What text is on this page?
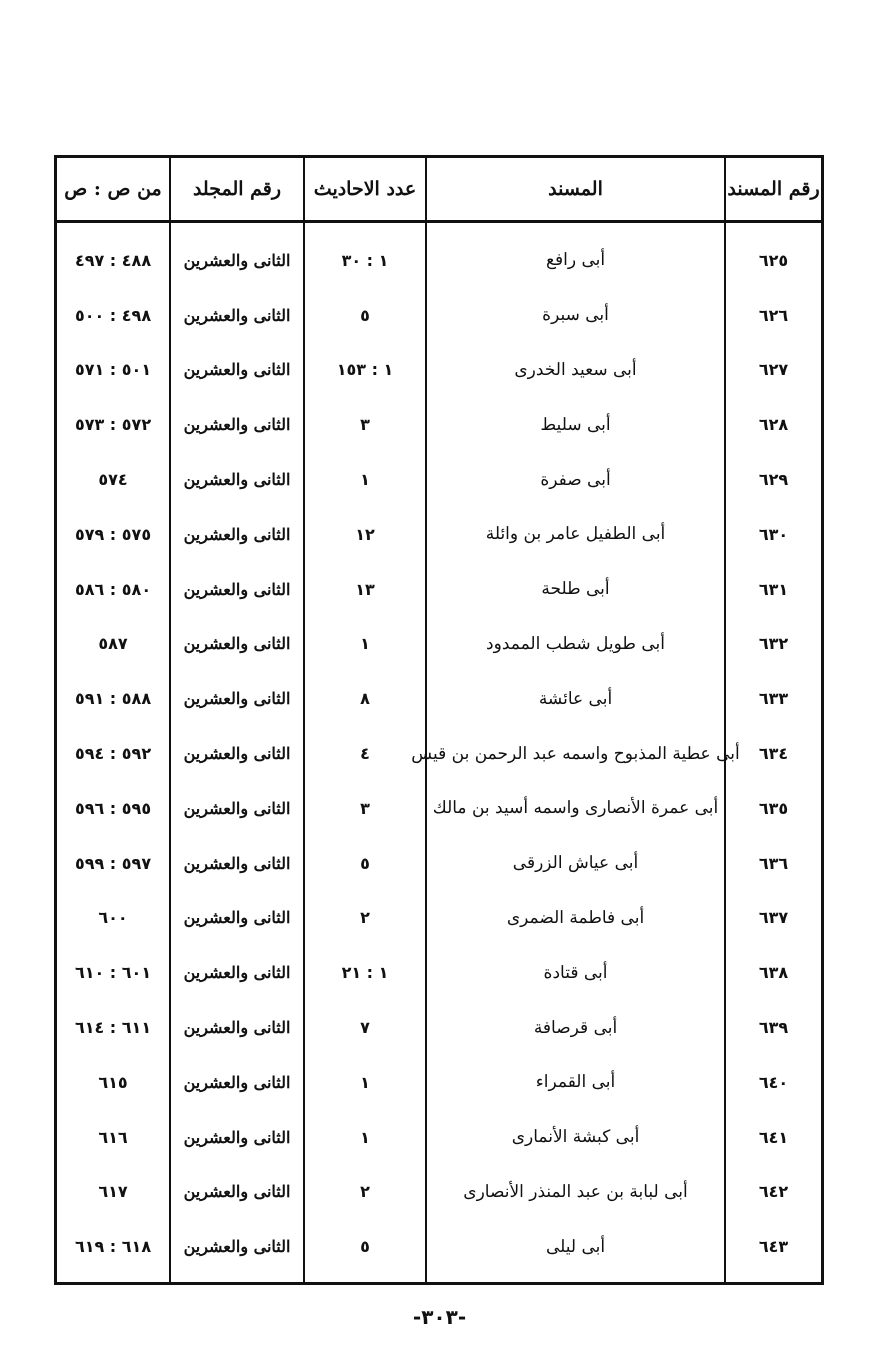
من ص : ص	رقم المجلد	عدد الاحاديث	المسند	رقم المسند
٤٨٨ : ٤٩٧	الثانى والعشرين	١ : ٣٠	أبى رافع	٦٢٥
٤٩٨ : ٥٠٠	الثانى والعشرين	٥	أبى سبرة	٦٢٦
٥٠١ : ٥٧١	الثانى والعشرين	١ : ١٥٣	أبى سعيد الخدرى	٦٢٧
٥٧٢ : ٥٧٣	الثانى والعشرين	٣	أبى سليط	٦٢٨
٥٧٤	الثانى والعشرين	١	أبى صفرة	٦٢٩
٥٧٥ : ٥٧٩	الثانى والعشرين	١٢	أبى الطفيل عامر بن وائلة	٦٣٠
٥٨٠ : ٥٨٦	الثانى والعشرين	١٣	أبى طلحة	٦٣١
٥٨٧	الثانى والعشرين	١	أبى طويل شطب الممدود	٦٣٢
٥٨٨ : ٥٩١	الثانى والعشرين	٨	أبى عائشة	٦٣٣
٥٩٢ : ٥٩٤	الثانى والعشرين	٤	أبى عطية المذبوح واسمه عبد الرحمن بن قيس	٦٣٤
٥٩٥ : ٥٩٦	الثانى والعشرين	٣	أبى عمرة الأنصارى واسمه أسيد بن مالك	٦٣٥
٥٩٧ : ٥٩٩	الثانى والعشرين	٥	أبى عياش الزرقى	٦٣٦
٦٠٠	الثانى والعشرين	٢	أبى فاطمة الضمرى	٦٣٧
٦٠١ : ٦١٠	الثانى والعشرين	١ : ٢١	أبى قتادة	٦٣٨
٦١١ : ٦١٤	الثانى والعشرين	٧	أبى قرصافة	٦٣٩
٦١٥	الثانى والعشرين	١	أبى القمراء	٦٤٠
٦١٦	الثانى والعشرين	١	أبى كبشة الأنمارى	٦٤١
٦١٧	الثانى والعشرين	٢	أبى لبابة بن عبد المنذر الأنصارى	٦٤٢
٦١٨ : ٦١٩	الثانى والعشرين	٥	أبى ليلى	٦٤٣
-٣٠٣-
